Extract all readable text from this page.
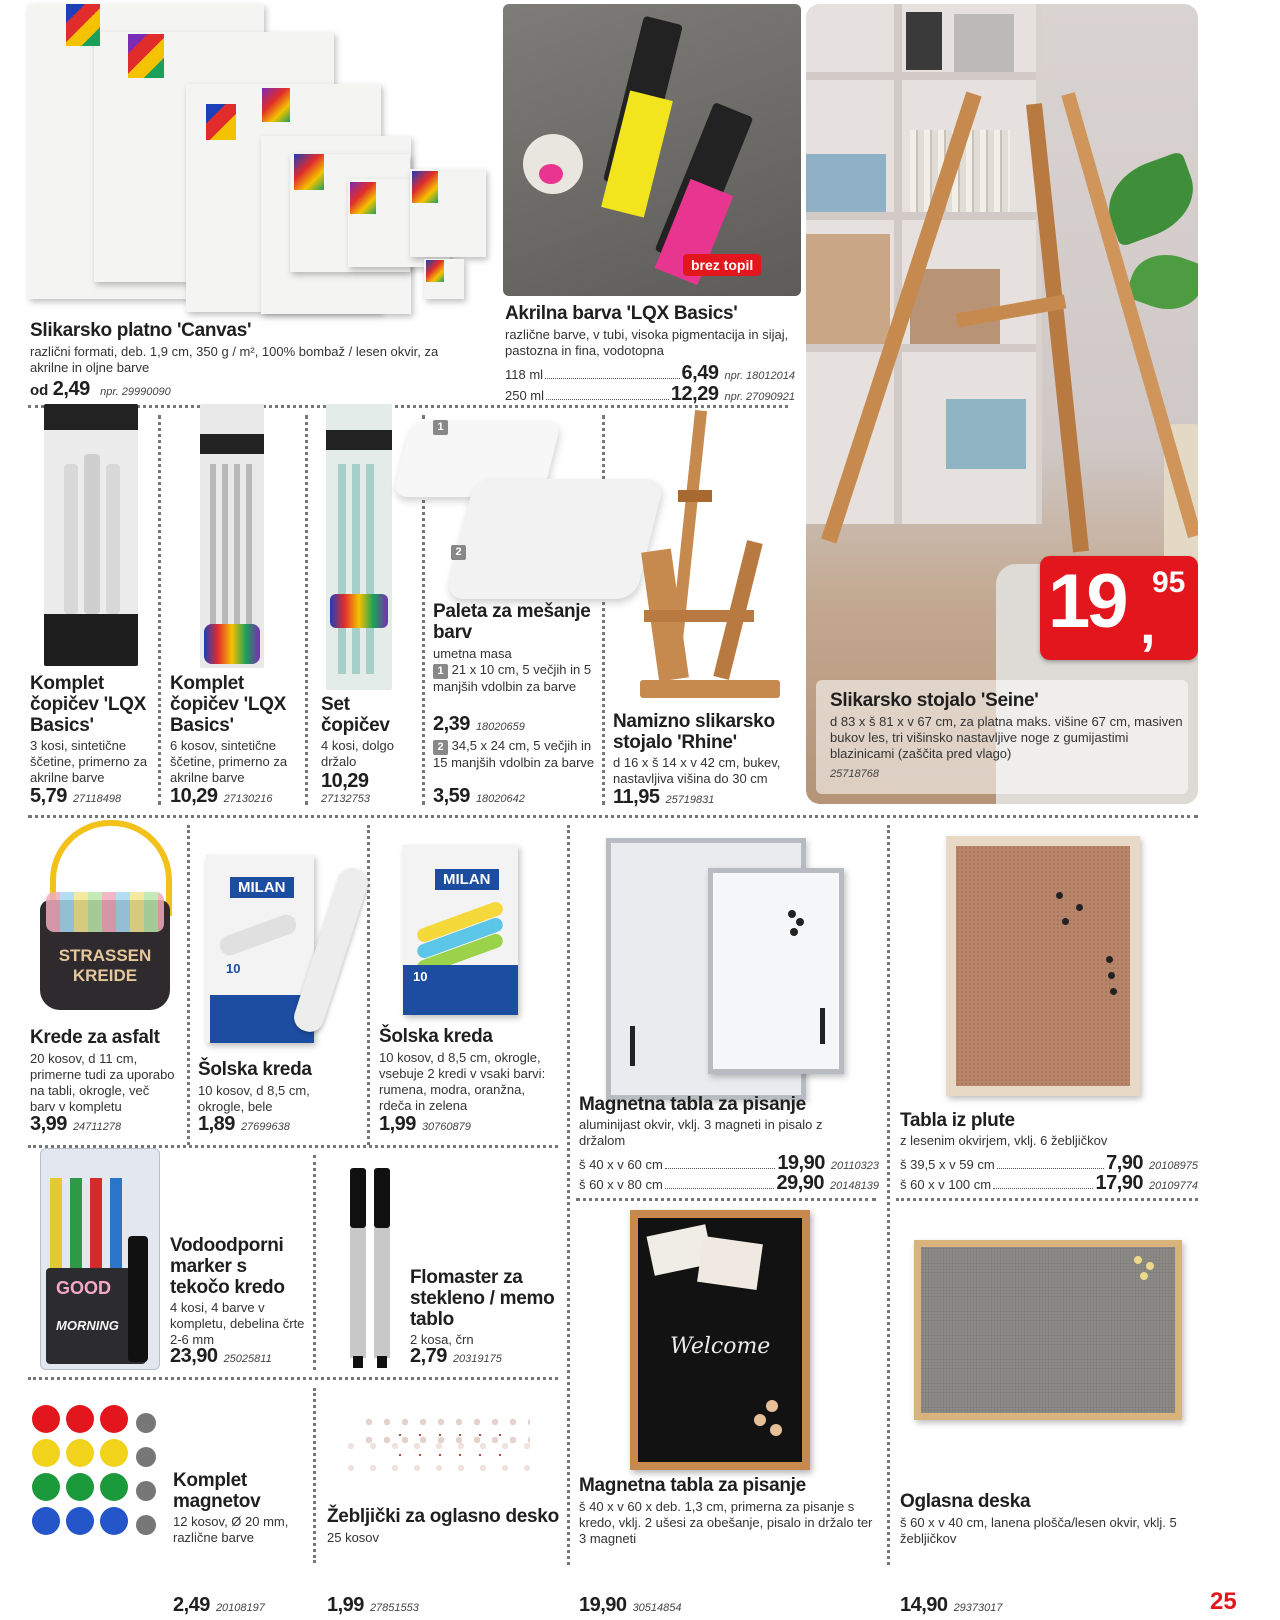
Slikarsko platno 'Canvas'
različni formati, deb. 1,9 cm, 350 g / m², 100% bombaž / lesen okvir, za akrilne in oljne barve
od 2,49 npr. 29990090
brez topil
Akrilna barva 'LQX Basics'
različne barve, v tubi, visoka pigmentacija in sijaj, pastozna in fina, vodotopna
118 ml	6,49 npr. 18012014
250 ml	12,29 npr. 27090921
19 ,
95
Slikarsko stojalo 'Seine'
d 83 x š 81 x v 67 cm, za platna maks. višine 67 cm, masiven bukov les, tri višinsko nastavljive noge z gumijastimi blazinicami (zaščita pred vlago)
25718768
Komplet čopičev 'LQX Basics'
3 kosi, sintetične ščetine, primerno za akrilne barve
5,79 27118498
Komplet čopičev 'LQX Basics'
6 kosov, sintetične ščetine, primerno za akrilne barve
10,29 27130216
Set čopičev
4 kosi, dolgo držalo
10,29
27132753
1
2
Paleta za mešanje barv
umetna masa
1 21 x 10 cm, 5 večjih in 5 manjših vdolbin za barve
2,39 18020659
2 34,5 x 24 cm, 5 večjih in 15 manjših vdolbin za barve
3,59 18020642
Namizno slikarsko stojalo 'Rhine'
d 16 x š 14 x v 42 cm, bukev, nastavljiva višina do 30 cm
11,95 25719831
STRASSEN KREIDE
Krede za asfalt
20 kosov, d 11 cm, primerne tudi za uporabo na tabli, okrogle, več barv v kompletu
3,99 24711278
MILAN
10
Šolska kreda
10 kosov, d 8,5 cm, okrogle, bele
1,89 27699638
MILAN
10
Šolska kreda
10 kosov, d 8,5 cm, okrogle, vsebuje 2 kredi v vsaki barvi: rumena, modra, oranžna, rdeča in zelena
1,99 30760879
Magnetna tabla za pisanje
aluminijast okvir, vklj. 3 magneti in pisalo z držalom
š 40 x v 60 cm	19,90 20110323
š 60 x v 80 cm	29,90 20148139
Tabla iz plute
z lesenim okvirjem, vklj. 6 žebljičkov
š 39,5 x v 59 cm	7,90 20108975
š 60 x v 100 cm	17,90 20109774
GOOD
MORNING
Vodoodporni marker s tekočo kredo
4 kosi, 4 barve v kompletu, debelina črte 2-6 mm
23,90 25025811
Flomaster za stekleno / memo tablo
2 kosa, črn
2,79 20319175
Komplet magnetov
12 kosov, Ø 20 mm, različne barve
2,49 20108197
Žebljički za oglasno desko
25 kosov
1,99 27851553
Welcome
Magnetna tabla za pisanje
š 40 x v 60 x deb. 1,3 cm, primerna za pisanje s kredo, vklj. 2 ušesi za obešanje, pisalo in držalo ter 3 magneti
19,90 30514854
Oglasna deska
š 60 x v 40 cm, lanena plošča/lesen okvir, vklj. 5 žebljičkov
14,90 29373017	25
